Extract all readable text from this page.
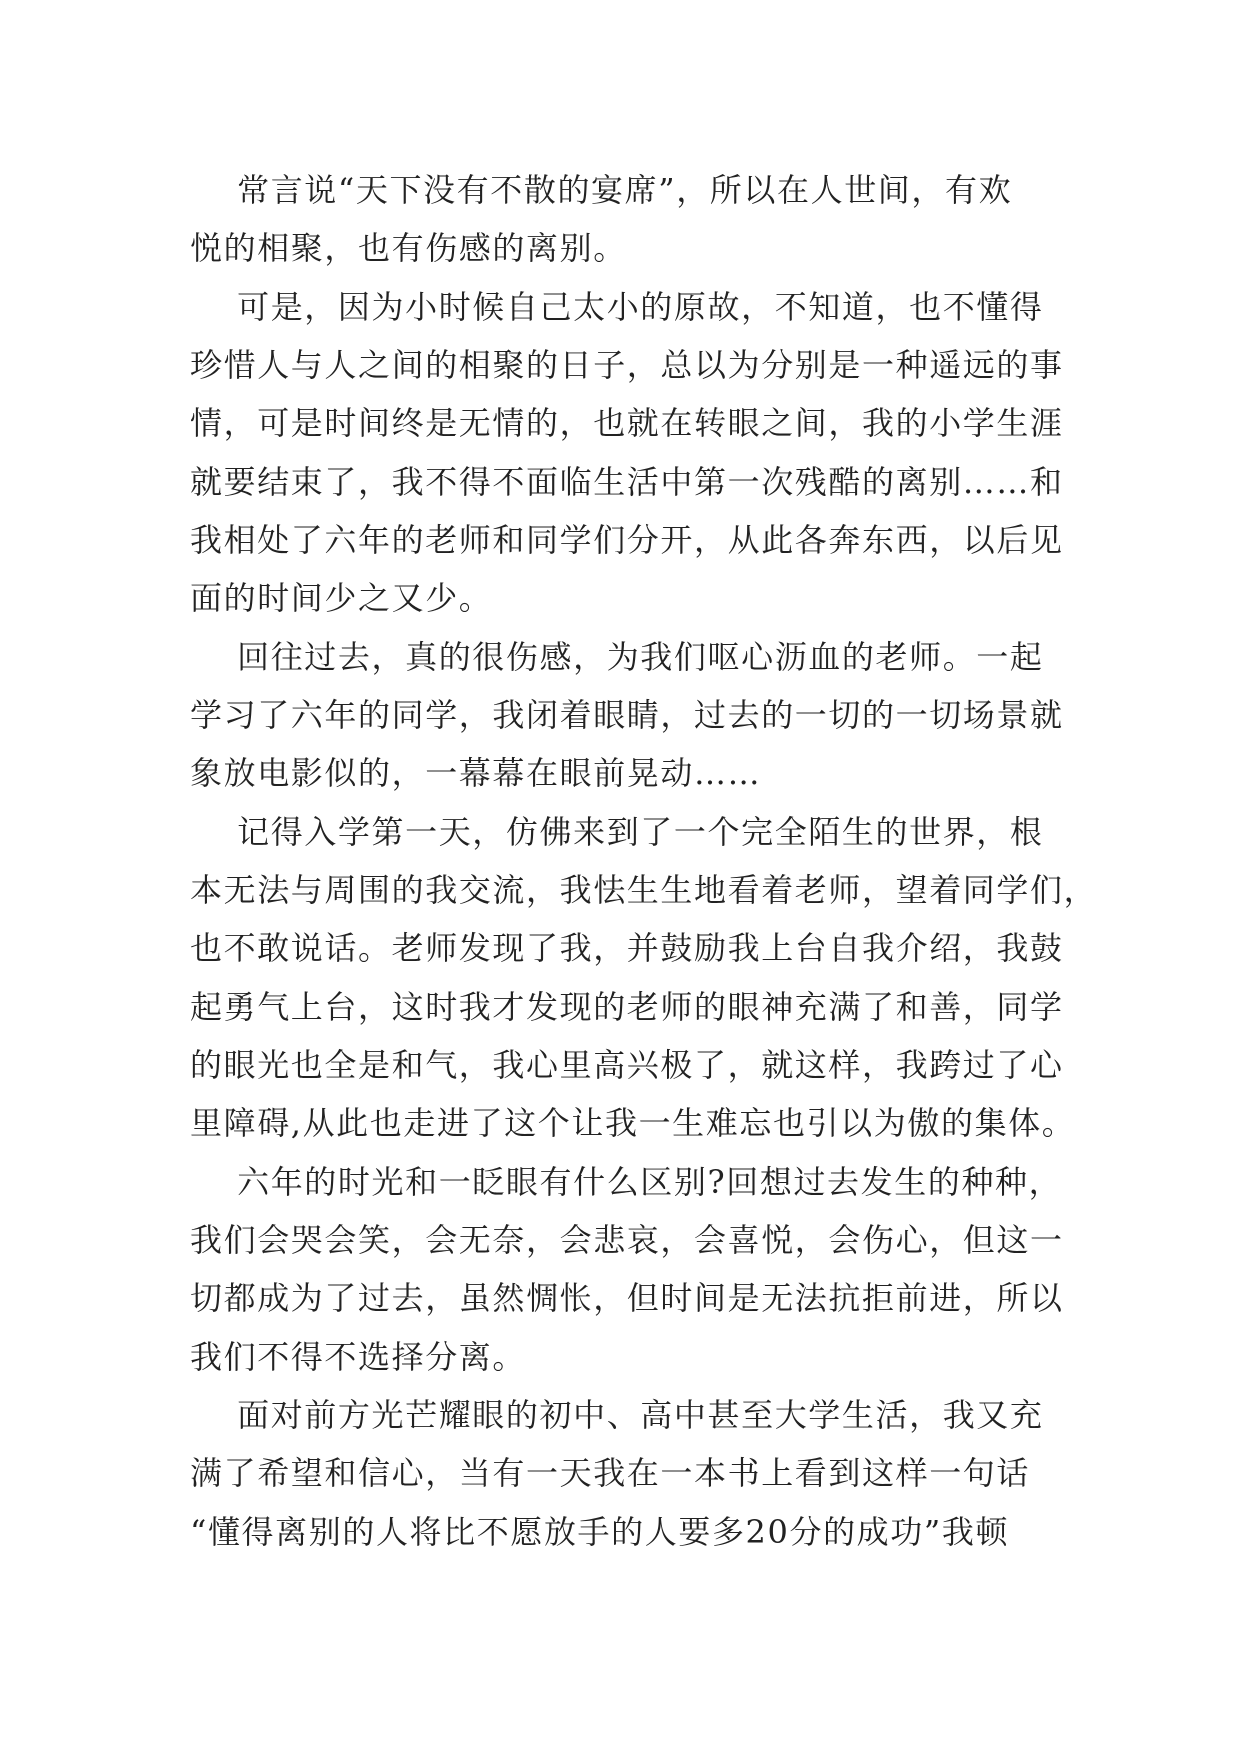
常言说“天下没有不散的宴席”，所以在人世间，有欢
悦的相聚，也有伤感的离别。
可是，因为小时候自己太小的原故，不知道，也不懂得
珍惜人与人之间的相聚的日子，总以为分别是一种遥远的事
情，可是时间终是无情的，也就在转眼之间，我的小学生涯
就要结束了，我不得不面临生活中第一次残酷的离别……和
我相处了六年的老师和同学们分开，从此各奔东西，以后见
面的时间少之又少。
回往过去，真的很伤感，为我们呕心沥血的老师。一起
学习了六年的同学，我闭着眼睛，过去的一切的一切场景就
象放电影似的，一幕幕在眼前晃动……
记得入学第一天，仿佛来到了一个完全陌生的世界，根
本无法与周围的我交流，我怯生生地看着老师，望着同学们，
也不敢说话。老师发现了我，并鼓励我上台自我介绍，我鼓
起勇气上台，这时我才发现的老师的眼神充满了和善，同学
的眼光也全是和气，我心里高兴极了，就这样，我跨过了心
里障碍,从此也走进了这个让我一生难忘也引以为傲的集体。
六年的时光和一眨眼有什么区别?回想过去发生的种种，
我们会哭会笑，会无奈，会悲哀，会喜悦，会伤心，但这一
切都成为了过去，虽然惆怅，但时间是无法抗拒前进，所以
我们不得不选择分离。
面对前方光芒耀眼的初中、高中甚至大学生活，我又充
满了希望和信心，当有一天我在一本书上看到这样一句话
“懂得离别的人将比不愿放手的人要多20分的成功”我顿
